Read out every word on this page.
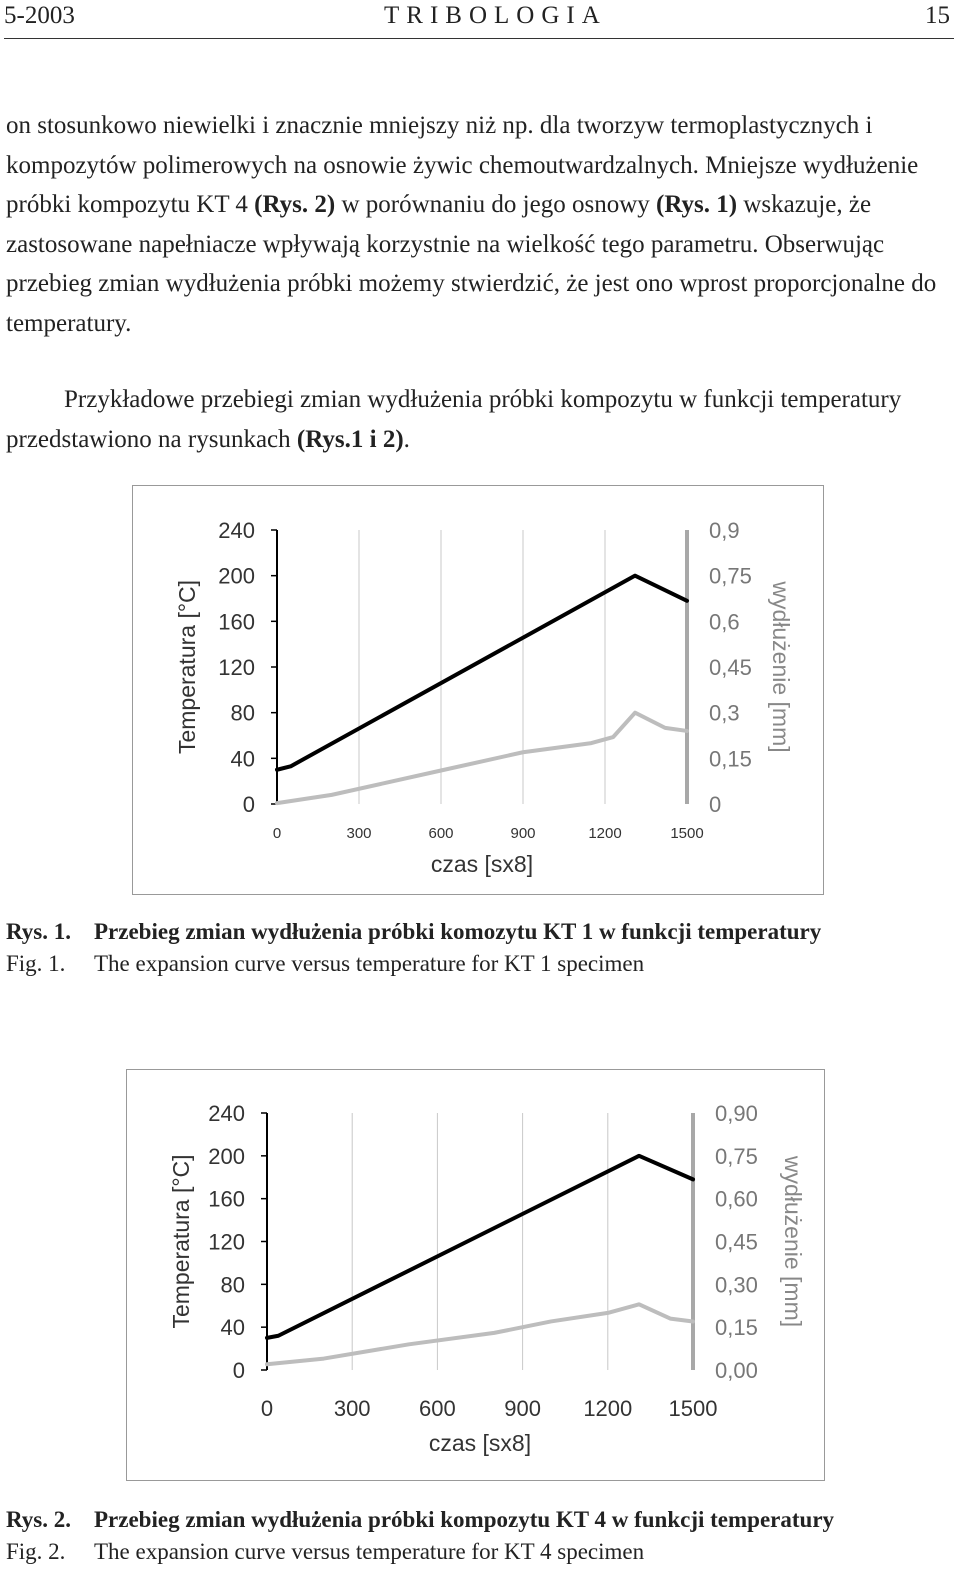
5-2003	TRIBOLOGIA	15

on stosunkowo niewielki i znacznie mniejszy niż np. dla tworzyw termoplastycznych i kompozytów polimerowych na osnowie żywic chemoutwardzalnych. Mniejsze wydłużenie próbki kompozytu KT 4 (Rys. 2) w porównaniu do jego osnowy (Rys. 1) wskazuje, że zastosowane napełniacze wpływają korzystnie na wielkość tego parametru. Obserwując przebieg zmian wydłużenia próbki możemy stwierdzić, że jest ono wprost proporcjonalne do temperatury.

Przykładowe przebiegi zmian wydłużenia próbki kompozytu w funkcji temperatury przedstawiono na rysunkach (Rys.1 i 2).

0
40
80
120
160
200
240
0
0,15
0,3
0,45
0,6
0,75
0,9
0	300	600	900	1200	1500
czas [sx8]
Temperatura [°C]	wydłużenie [mm]
Rys. 1. Przebieg zmian wydłużenia próbki komozytu KT 1 w funkcji temperatury
Fig. 1. The expansion curve versus temperature for KT 1 specimen
0
40
80
120
160
200
240
0,00
0,15
0,30
0,45
0,60
0,75
0,90
0	300 600 900 1200 1500
czas [sx8]
Temperatura [°C]	wydłużenie [mm]
Rys. 2. Przebieg zmian wydłużenia próbki kompozytu KT 4 w funkcji temperatury
Fig. 2. The expansion curve versus temperature for KT 4 specimen
